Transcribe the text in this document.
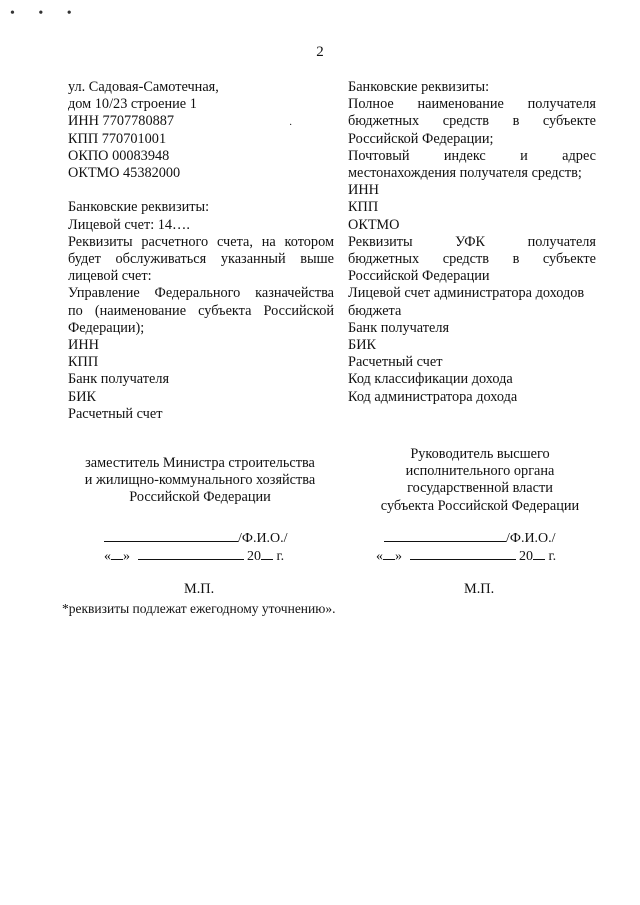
• • •
2
·
ул. Садовая-Самотечная,
дом 10/23 строение 1
ИНН 7707780887
КПП 770701001
ОКПО 00083948
ОКТМО 45382000
Банковские реквизиты:
Лицевой счет: 14….
Реквизиты расчетного счета, на котором
будет обслуживаться указанный выше
лицевой счет:
Управление Федерального казначейства
по (наименование субъекта Российской
Федерации);
ИНН
КПП
Банк получателя
БИК
Расчетный счет
Банковские реквизиты:
Полное наименование получателя
бюджетных средств в субъекте
Российской Федерации;
Почтовый индекс и адрес
местонахождения получателя средств;
ИНН
КПП
ОКТМО
Реквизиты УФК получателя
бюджетных средств в субъекте
Российской Федерации
Лицевой счет администратора доходов
бюджета
Банк получателя
БИК
Расчетный счет
Код классификации дохода
Код администратора дохода
заместитель Министра строительства
и жилищно-коммунального хозяйства
Российской Федерации
Руководитель высшего
исполнительного органа
государственной власти
субъекта Российской Федерации
/Ф.И.О./
« »	20 г.
/Ф.И.О./
« »	20 г.
М.П.	М.П.
*реквизиты подлежат ежегодному уточнению».
